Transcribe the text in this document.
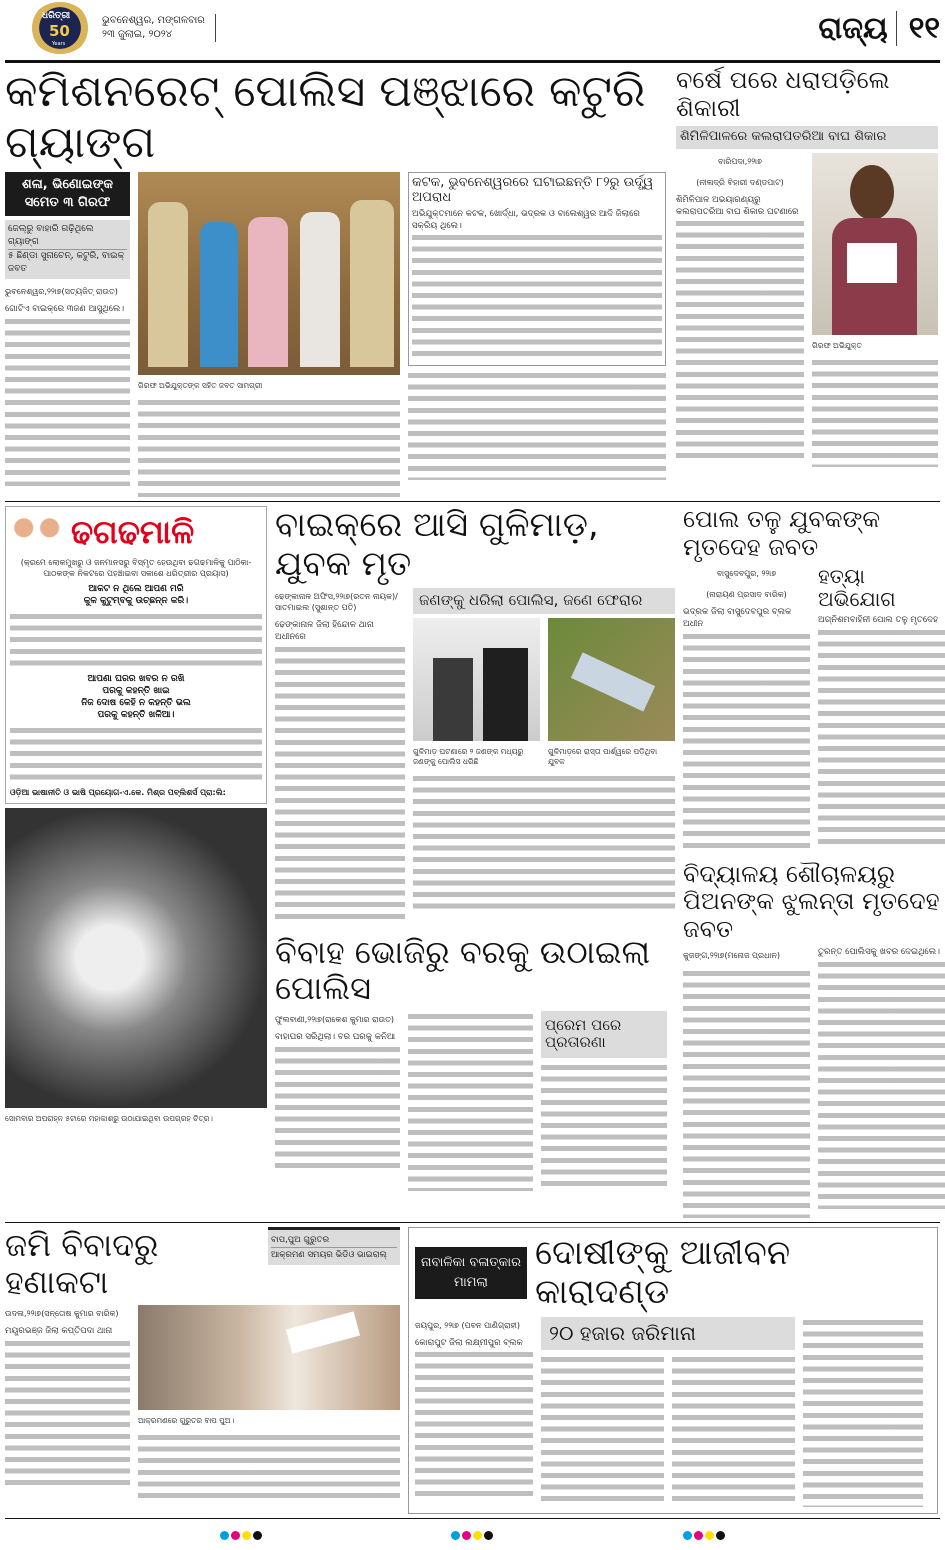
ଧରିତ୍ରୀ
50
Years
ଭୁବନେଶ୍ୱର, ମଙ୍ଗଳବାର
୨୩ ଜୁଲାଇ, ୨୦୨୪	ରାଜ୍ୟ ୧୧
କମିଶନରେଟ୍ ପୋଲିସ ପଞ୍ଝାରେ କଟୁରି ଗ୍ୟାଙ୍ଗ
ଶଳା, ଭିଣୋଇଙ୍କ ସମେତ ୩ ଗିରଫ
ଜେଲ୍‌ରୁ ବାହାରି ଗଢ଼ିଥିଲେ ଗ୍ୟାଙ୍ଗ
୫ ଛିଣ୍ଡା ସୁନାଚେନ୍, କଟୁରି, ବାଇକ୍ ଜବତ
ଭୁବନେଶ୍ୱର,୨୨ା୭(ସତ୍ୟଜିତ୍ ରାଉତ)
ଗୋଟିଏ ବାଇକ୍‌ରେ ୩ଜଣ ଆସୁଥିଲେ।
ଗିରଫ ଅଭିଯୁକ୍ତଙ୍କ ସହିତ ଜବତ ସାମଗ୍ରୀ
କଟକ, ଭୁବନେଶ୍ୱରରେ ଘଟାଇଛନ୍ତି ୮୨ରୁ ଉର୍ଦ୍ଧ୍ୱ ଅପରାଧ
ଅଭିଯୁକ୍ତମାନେ କଟକ, ଖୋର୍ଦ୍ଧା, ଭଦ୍ରକ ଓ ବାଲେଶ୍ୱର ଆଦି ଜିଲାରେ ସକ୍ରିୟ ଥିଲେ।
ବର୍ଷେ ପରେ ଧରାପଡ଼ିଲେ ଶିକାରୀ
ଶିମିଳିପାଳରେ କଲରାପତରିଆ ବାଘ ଶିକାର
ବାରିପଦା,୨୨ା୭
(ନୀଳାଦ୍ରି ବିହାରୀ ଦଣ୍ଡପାଟ)
ଶିମିଳିପାଳ ଅଭୟାରଣ୍ୟରୁ କଲରାପତରିଆ ବାଘ ଶିକାର ଘଟଣାରେ
ଗିରଫ ଅଭିଯୁକ୍ତ
ଢଗଢମାଳି
(କ୍ରମେ ଲୋକମୁଖରୁ ଓ ଜନମାନସରୁ ବିସ୍ମୃତ ହେଉଥିବା ଢଗଢମାଳିକୁ ପାଠିକା-ପାଠକଙ୍କ ନିକଟରେ ପହଞ୍ଚାଇବା ସକାଶେ ଧରିତ୍ରୀର ପ୍ରୟାସ)
ଆକଟ ନ ଥିଲେ ଆପଣ ମରି
କୁଳ କୁଟୁମ୍ବକୁ ଉଚ୍ଛନ୍ନ କରି।
ଆପଣା ଘରର ଖବର ନ ରଖି
ପରକୁ କହନ୍ତି ଖାଇ
ନିଜ ଦୋଷ କେହି ନ କହନ୍ତି ଭଲ
ପରକୁ କହନ୍ତି ଖଳିଆ।
ଓଡ଼ିଆ ଭାଷାନୀତି ଓ ଭାଷି ପ୍ରୟୋଗ-ଏ.କେ. ମିଶ୍ର ପବ୍ଲିଶର୍ସ ପ୍ରା:ଲି:
ସୋମବାର ଅପରାହ୍ନ ୫ଟାରେ ମହାକାଶରୁ ଉଠାଯାଇଥିବା ଉପଗ୍ରହ ଚିତ୍ର।
ବାଇକ୍‌ରେ ଆସି ଗୁଳିମାଡ଼, ଯୁବକ ମୃତ
ଢେଙ୍କାନାଳ ଅଫିସ,୨୨ା୭(ରତନ ନାୟକ)/ ସାତମାଇଲ (ସୁଶାନ୍ତ ପତି)
ଢେଙ୍କାନାଳ ଜିଲା ହିନ୍ଦୋଳ ଥାନା ଅଧୀନରେ
ଜଣଙ୍କୁ ଧରିଲା ପୋଲିସ, ଜଣେ ଫେରାର
ଗୁଳିମାଡ଼ ଘଟଣାରେ ୨ ଜଣଙ୍କ ମଧ୍ୟରୁ ଜଣଙ୍କୁ ପୋଲିସ ଧରିଛି
ଗୁଳିମାଡ଼ରେ ରାସ୍ତା ପାର୍ଶ୍ୱରେ ପଡ଼ିଥିବା ଯୁବକ
ବିବାହ ଭୋଜିରୁ ବରକୁ ଉଠାଇଲା ପୋଲିସ
ଫୁଲବାଣୀ,୨୨ା୭(ରାକେଶ କୁମାର ରାଉତ)
ବାହାଘର ସରିଥିଲା। ବର ଘରକୁ କନିଆ
ପ୍ରେମ ପରେ ପ୍ରତାରଣା
ପୋଲ ତଳୁ ଯୁବକଙ୍କ ମୃତଦେହ ଜବତ
ବାସୁଦେବପୁର, ୨୨ା୭
(ନାରାୟଣ ପ୍ରସାଦ ବାରିକ)
ଭଦ୍ରକ ଜିଲା ବାସୁଦେବପୁର ବ୍ଲକ ଅଧୀନ
ହତ୍ୟା ଅଭିଯୋଗ
ଅଗ୍ନିଶମବାହିନୀ ପୋଲ ତଳୁ ମୃତଦେହ
ବିଦ୍ୟାଳୟ ଶୌଚାଳୟରୁ ପିଅନଙ୍କ ଝୁଲନ୍ତା ମୃତଦେହ ଜବତ
କୁଜଙ୍ଗ,୨୨ା୭(ମନୋଜ ପ୍ରଧାନ)	ତୁରନ୍ତ ପୋଲିସକୁ ଖବର ଦେଇଥିଲେ।
ଜମି ବିବାଦରୁ ହଣାକଟା
ବାପ,ପୁଅ ଗୁରୁତର
ଆକ୍ରମଣ ସମୟର ଭିଡିଓ ଭାଇରାଲ୍
ଉଦଳା,୨୨ା୭(ସନ୍ତୋଷ କୁମାର ବାରିକ)
ମୟୂରଭଞ୍ଜ ଜିଲା କପ୍ତିପଦା ଥାନା
ଆକ୍ରମଣରେ ଗୁରୁତର ବାପ ପୁଅ।
ନାବାଳିକା ବଳାତ୍କାର ମାମଲା
ଦୋଷୀଙ୍କୁ ଆଜୀବନ କାରାଦଣ୍ଡ
ଜୟପୁର, ୨୨ା୭ (ପବନ ପାଣିଗ୍ରାହୀ)
କୋରାପୁଟ ଜିଲା ଲକ୍ଷ୍ମୀପୁର ବ୍ଲକ	୨୦ ହଜାର ଜରିମାନା
